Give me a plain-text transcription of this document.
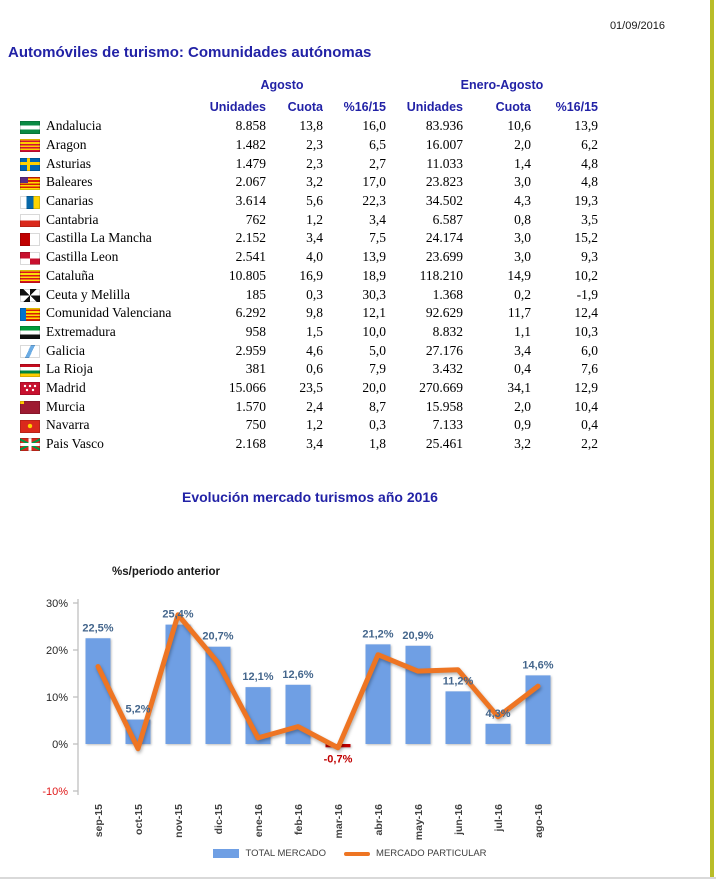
01/09/2016
Automóviles de turismo: Comunidades autónomas
		Agosto			Enero-Agosto		
		Unidades	Cuota	%16/15	Unidades	Cuota	%16/15
	Andalucia	8.858	13,8	16,0	83.936	10,6	13,9
	Aragon	1.482	2,3	6,5	16.007	2,0	6,2
	Asturias	1.479	2,3	2,7	11.033	1,4	4,8
	Baleares	2.067	3,2	17,0	23.823	3,0	4,8
	Canarias	3.614	5,6	22,3	34.502	4,3	19,3
	Cantabria	762	1,2	3,4	6.587	0,8	3,5
	Castilla La Mancha	2.152	3,4	7,5	24.174	3,0	15,2
	Castilla Leon	2.541	4,0	13,9	23.699	3,0	9,3
	Cataluña	10.805	16,9	18,9	118.210	14,9	10,2
	Ceuta y Melilla	185	0,3	30,3	1.368	0,2	-1,9
	Comunidad Valenciana	6.292	9,8	12,1	92.629	11,7	12,4
	Extremadura	958	1,5	10,0	8.832	1,1	10,3
	Galicia	2.959	4,6	5,0	27.176	3,4	6,0
	La Rioja	381	0,6	7,9	3.432	0,4	7,6
	Madrid	15.066	23,5	20,0	270.669	34,1	12,9
	Murcia	1.570	2,4	8,7	15.958	2,0	10,4
	Navarra	750	1,2	0,3	7.133	0,9	0,4
	Pais Vasco	2.168	3,4	1,8	25.461	3,2	2,2
Evolución mercado turismos año 2016
%s/periodo anterior
30%
20%
10%
0%
-10%
22,5%
5,2%
25,4%
20,7%
12,1% 12,6%
-0,7%
21,2% 20,9%
11,2%
4,3%
14,6%
sep-15	oct-15	nov-15	dic-15	ene-16	feb-16	mar-16	abr-16	may-16	jun-16	jul-16	ago-16
TOTAL MERCADO	MERCADO PARTICULAR
